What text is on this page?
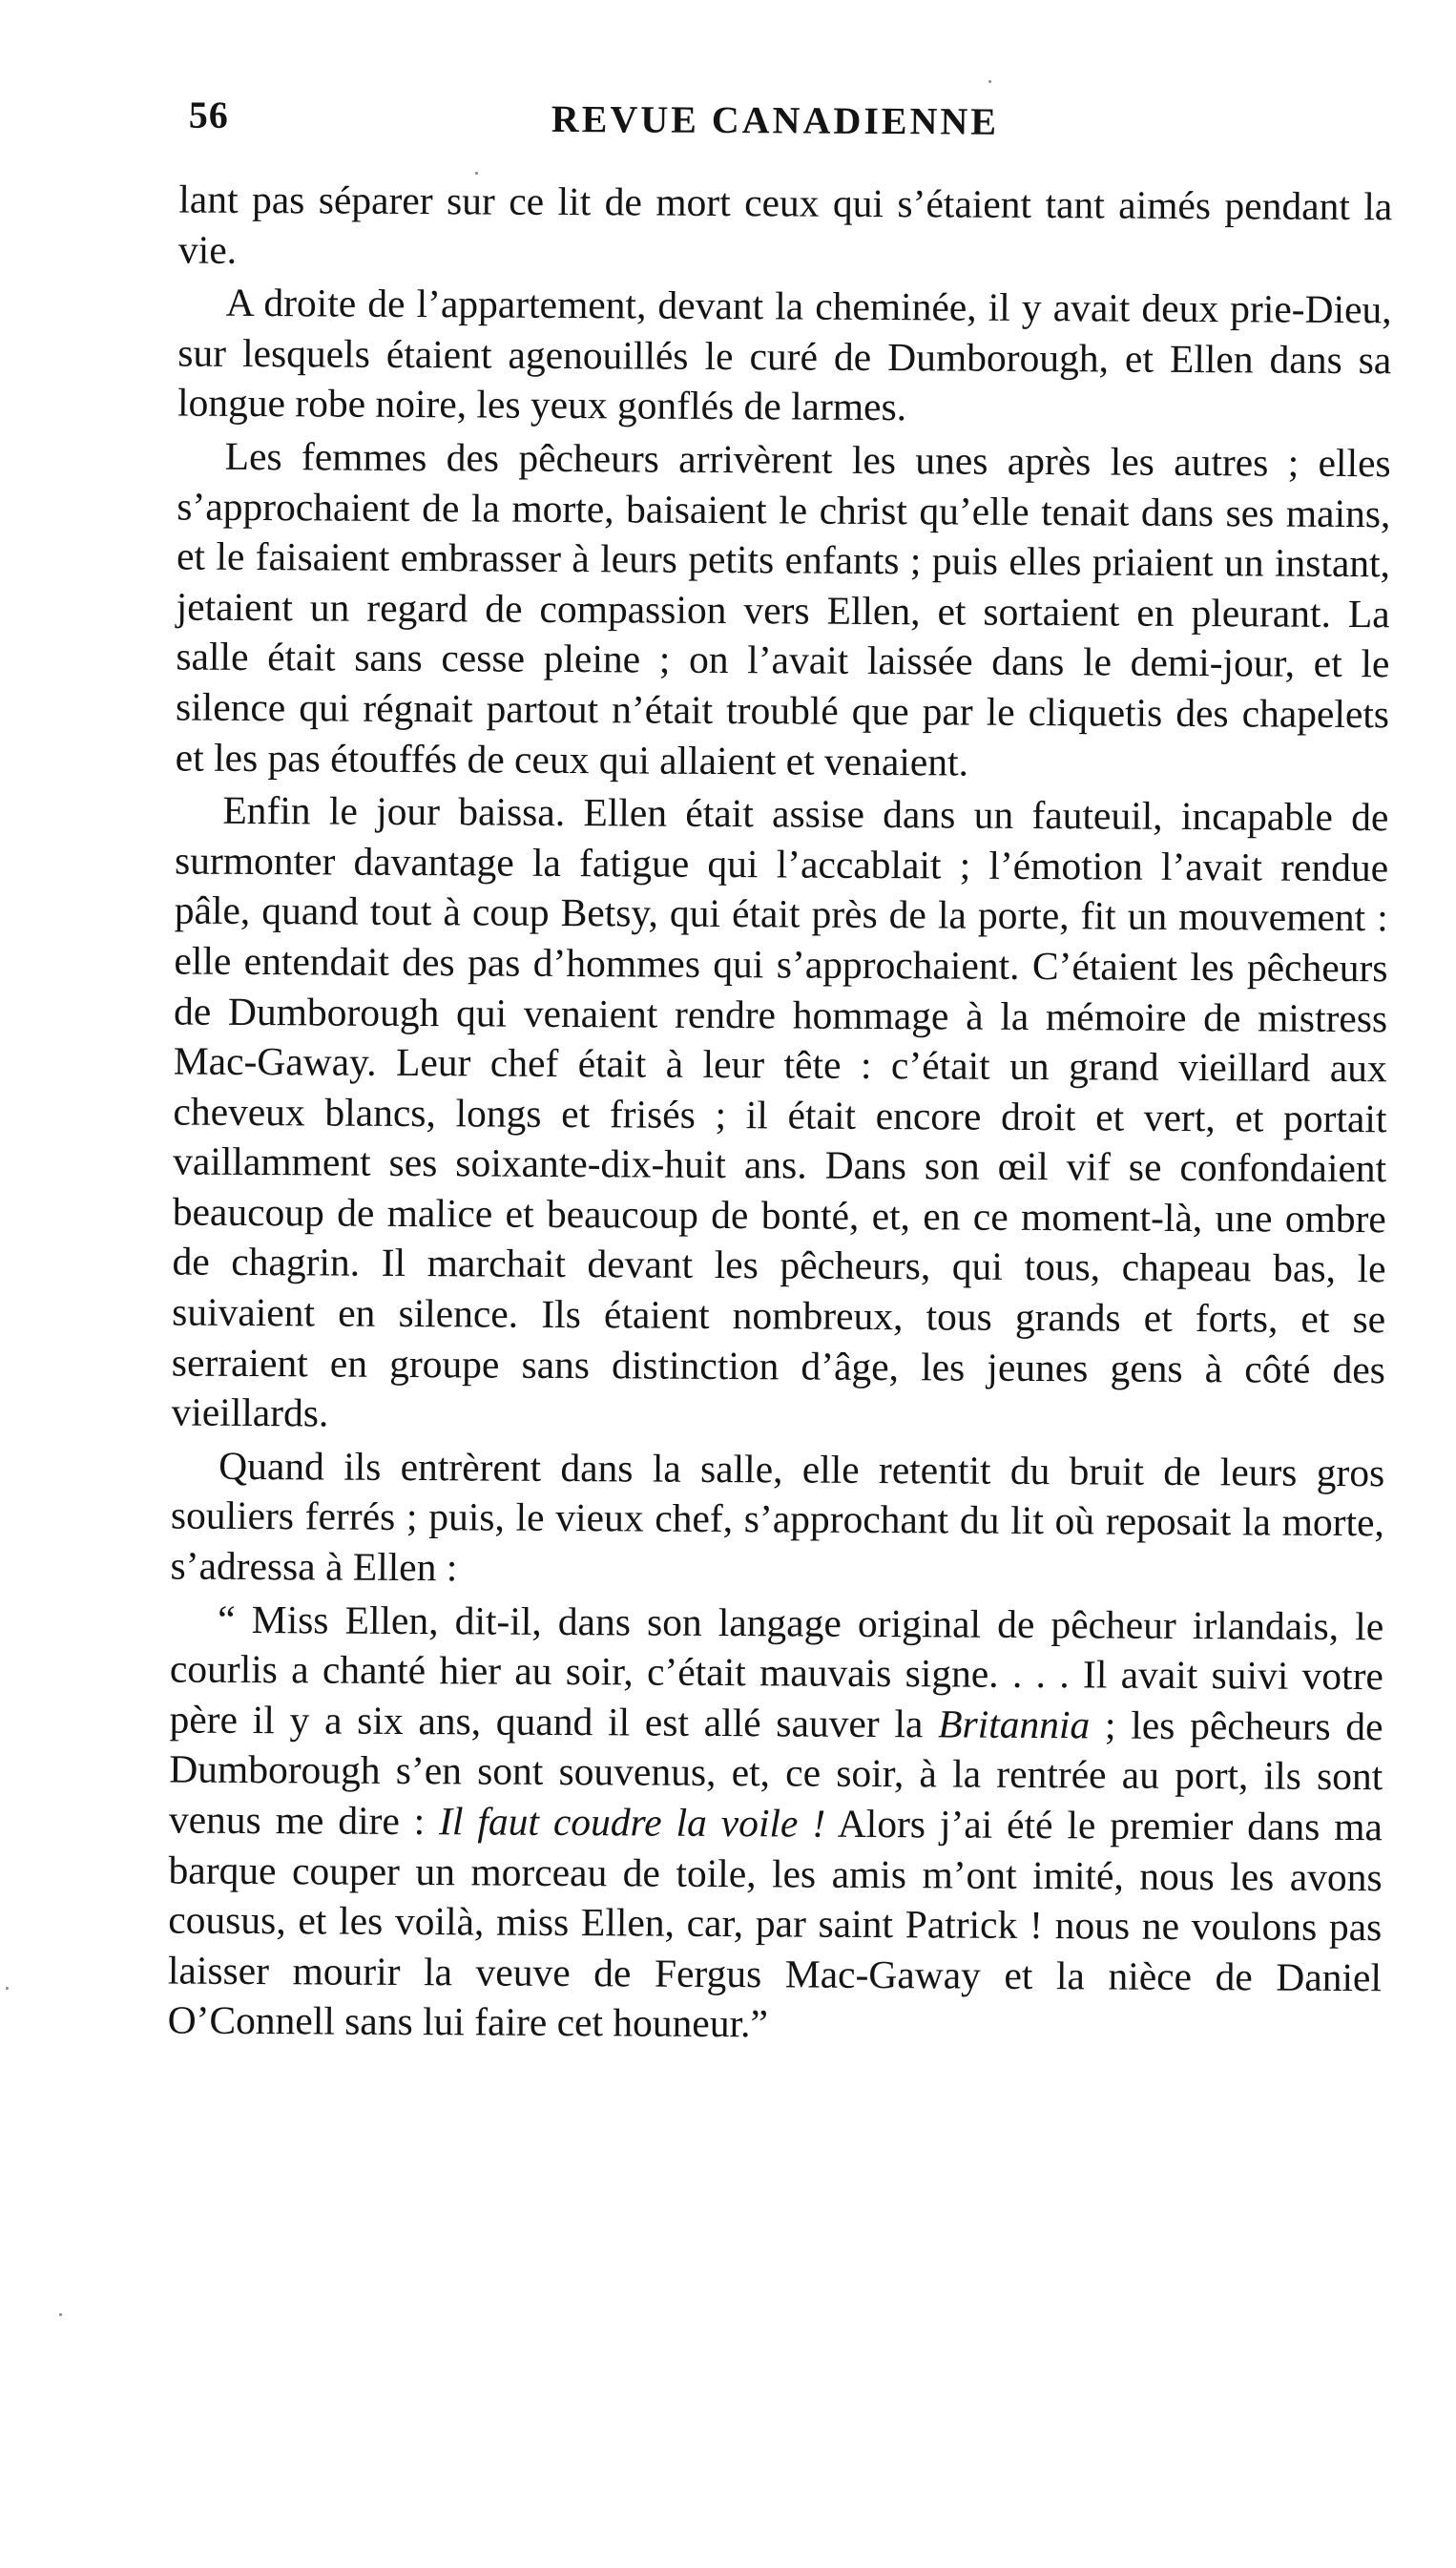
56	REVUE CANADIENNE

lant pas séparer sur ce lit de mort ceux qui s’étaient tant aimés pendant la vie.

A droite de l’appartement, devant la cheminée, il y avait deux prie-Dieu, sur lesquels étaient agenouillés le curé de Dumborough, et Ellen dans sa longue robe noire, les yeux gonflés de larmes.

Les femmes des pêcheurs arrivèrent les unes après les autres ; elles s’approchaient de la morte, baisaient le christ qu’elle tenait dans ses mains, et le faisaient embrasser à leurs petits enfants ; puis elles priaient un instant, jetaient un regard de compassion vers Ellen, et sortaient en pleurant. La salle était sans cesse pleine ; on l’avait laissée dans le demi-jour, et le silence qui régnait partout n’était troublé que par le cliquetis des chapelets et les pas étouffés de ceux qui allaient et venaient.

Enfin le jour baissa. Ellen était assise dans un fauteuil, incapable de surmonter davantage la fatigue qui l’accablait ; l’émotion l’avait rendue pâle, quand tout à coup Betsy, qui était près de la porte, fit un mouvement : elle entendait des pas d’hommes qui s’approchaient. C’étaient les pêcheurs de Dumborough qui venaient rendre hommage à la mémoire de mistress Mac-Gaway. Leur chef était à leur tête : c’était un grand vieillard aux cheveux blancs, longs et frisés ; il était encore droit et vert, et portait vaillamment ses soixante-dix-huit ans. Dans son œil vif se confondaient beaucoup de malice et beaucoup de bonté, et, en ce moment-là, une ombre de chagrin. Il marchait devant les pêcheurs, qui tous, chapeau bas, le suivaient en silence. Ils étaient nombreux, tous grands et forts, et se serraient en groupe sans distinction d’âge, les jeunes gens à côté des vieillards.

Quand ils entrèrent dans la salle, elle retentit du bruit de leurs gros souliers ferrés ; puis, le vieux chef, s’approchant du lit où reposait la morte, s’adressa à Ellen :

“ Miss Ellen, dit-il, dans son langage original de pêcheur irlandais, le courlis a chanté hier au soir, c’était mauvais signe. . . . Il avait suivi votre père il y a six ans, quand il est allé sauver la Britannia ; les pêcheurs de Dumborough s’en sont souvenus, et, ce soir, à la rentrée au port, ils sont venus me dire : Il faut coudre la voile ! Alors j’ai été le premier dans ma barque couper un morceau de toile, les amis m’ont imité, nous les avons cousus, et les voilà, miss Ellen, car, par saint Patrick ! nous ne voulons pas laisser mourir la veuve de Fergus Mac-Gaway et la nièce de Daniel O’Connell sans lui faire cet houneur.”
